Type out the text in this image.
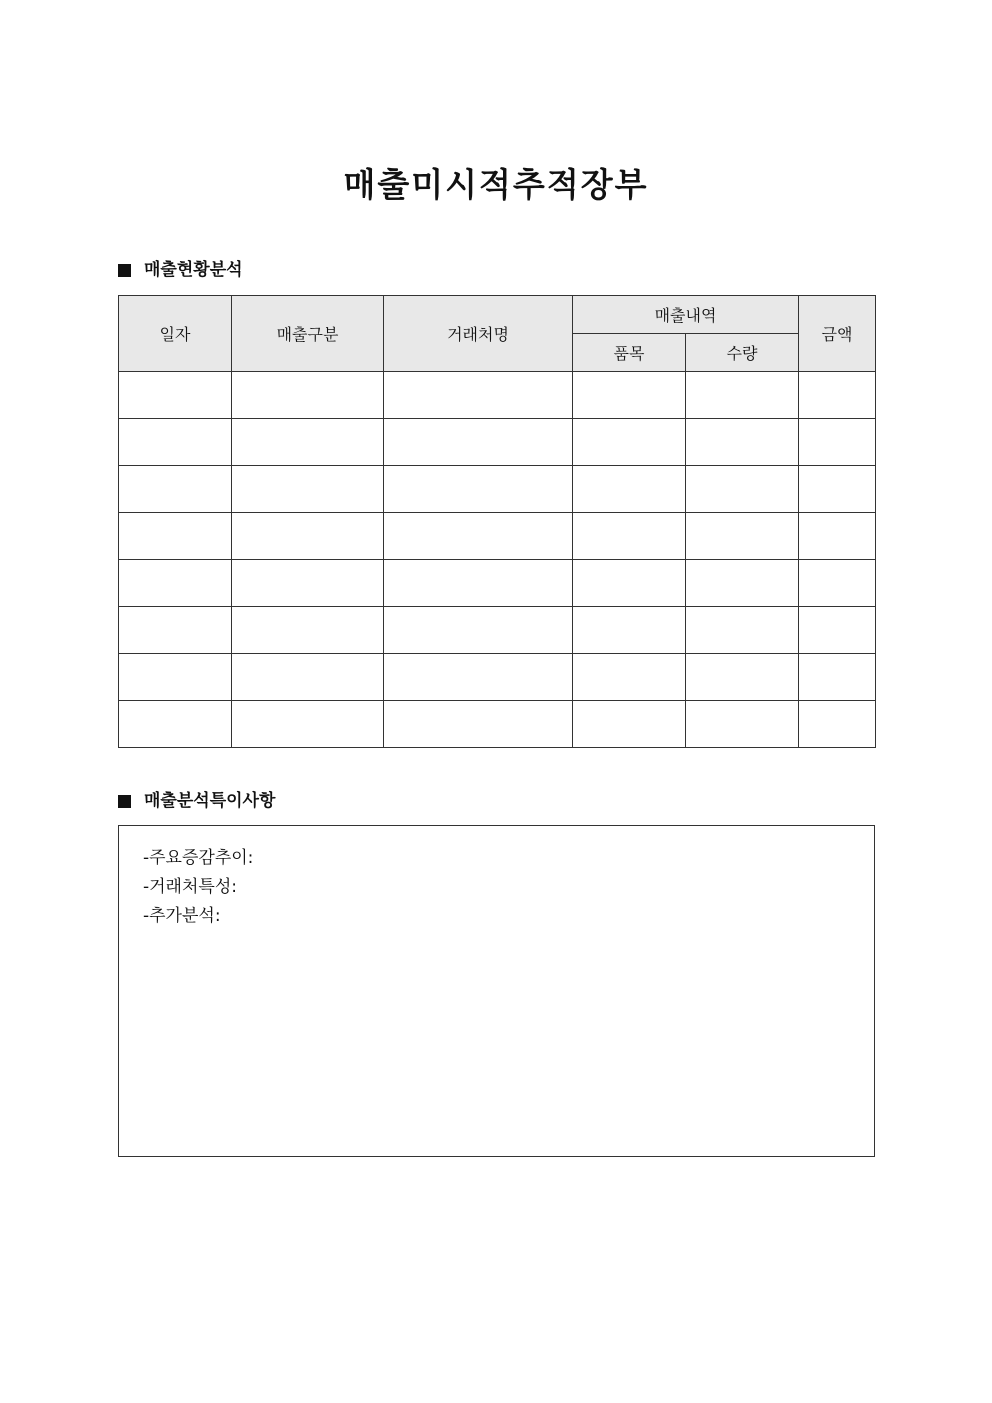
매출미시적추적장부
매출현황분석
일자	매출구분	거래처명	매출내역		금액
			품목	수량	

매출분석특이사항
-주요증감추이:
-거래처특성:
-추가분석:
